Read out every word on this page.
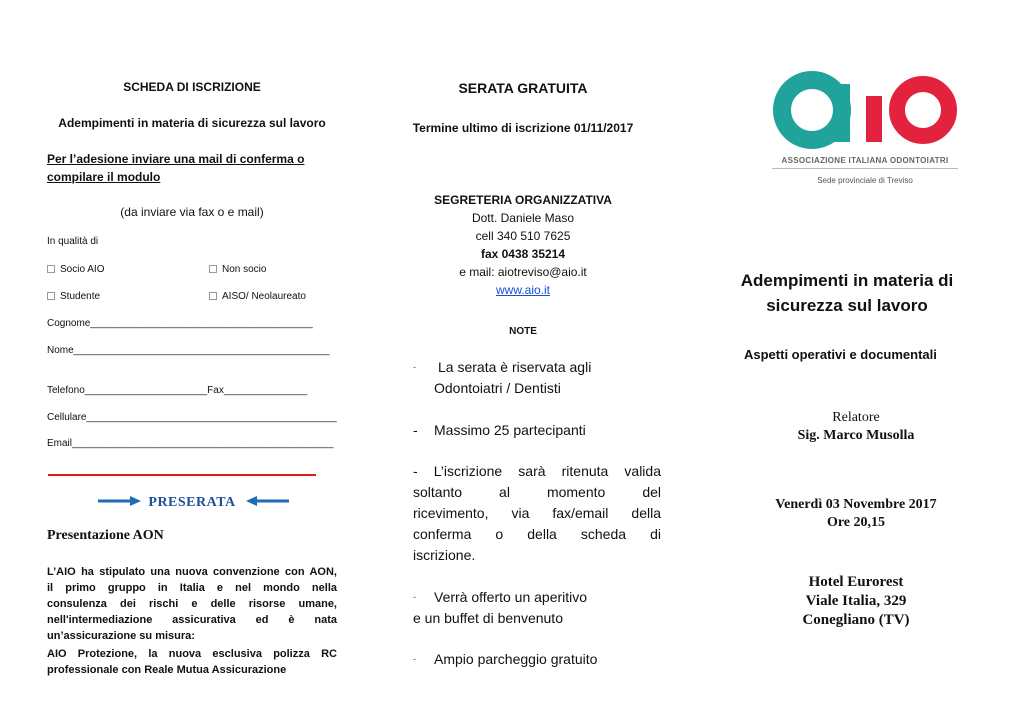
SCHEDA DI ISCRIZIONE
Adempimenti in materia di sicurezza sul lavoro
Per l’adesione inviare una mail di conferma o
compilare il modulo
(da inviare via fax o e mail)
In qualità di
Socio AIO	Non socio
Studente	AISO/ Neolaureato
Cognome________________________________________
Nome______________________________________________
Telefono______________________Fax_______________
Cellulare_____________________________________________
Email_______________________________________________
PRESERATA
Presentazione AON
L’AIO ha stipulato una nuova convenzione con AON,
il primo gruppo in Italia e nel mondo nella
consulenza dei rischi e delle risorse umane,
nell'intermediazione assicurativa ed è nata
un’assicurazione su misura:
AIO Protezione, la nuova esclusiva polizza RC
professionale con Reale Mutua Assicurazione
SERATA GRATUITA
Termine ultimo di iscrizione 01/11/2017
SEGRETERIA ORGANIZZATIVA
Dott. Daniele Maso
cell 340 510 7625
fax 0438 35214
e mail: aiotreviso@aio.it
www.aio.it
NOTE
- La serata è riservata agli
Odontoiatri / Dentisti
- Massimo 25 partecipanti
- L’iscrizione sarà ritenuta valida
soltanto al momento del
ricevimento, via fax/email della
conferma o della scheda di
iscrizione.
- Verrà offerto un aperitivo
e un buffet di benvenuto
- Ampio parcheggio gratuito
ASSOCIAZIONE ITALIANA ODONTOIATRI
Sede provinciale di Treviso
Adempimenti in materia di
sicurezza sul lavoro
Aspetti operativi e documentali
Relatore
Sig. Marco Musolla
Venerdì 03 Novembre 2017
Ore 20,15
Hotel Eurorest
Viale Italia, 329
Conegliano (TV)
